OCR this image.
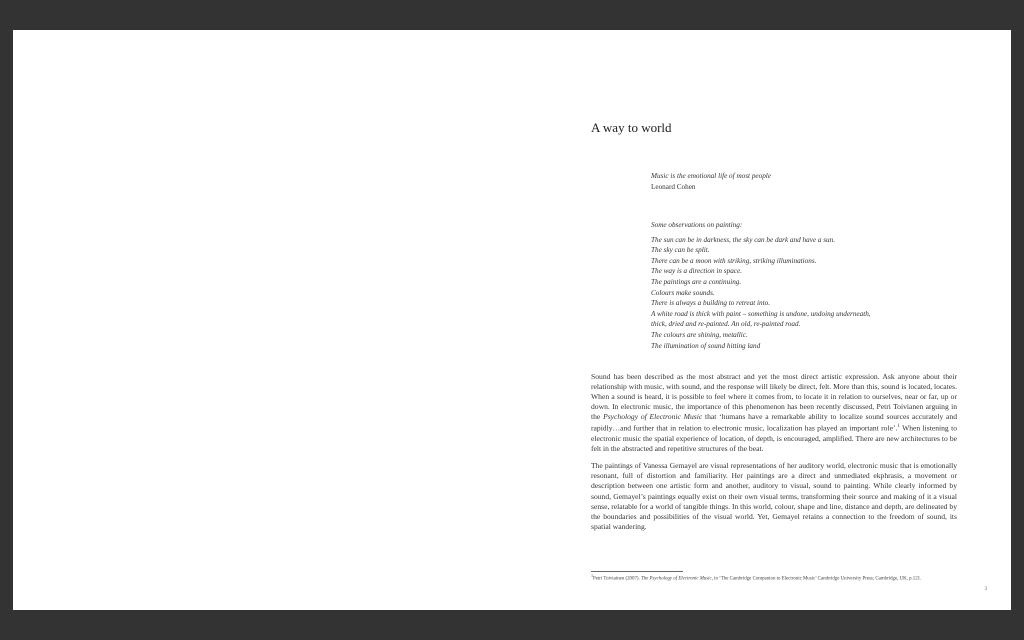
A way to world
Music is the emotional life of most people
Leonard Cohen
Some observations on painting:
The sun can be in darkness, the sky can be dark and have a sun.
The sky can be split.
There can be a moon with striking, striking illuminations.
The way is a direction in space.
The paintings are a continuing.
Colours make sounds.
There is always a building to retreat into.
A white road is thick with paint – something is undone, undoing underneath,
thick, dried and re-painted. An old, re-painted road.
The colours are shining, metallic.
The illumination of sound hitting land

Sound has been described as the most abstract and yet the most direct artistic expression. Ask anyone about their relationship with music, with sound, and the response will likely be direct, felt. More than this, sound is located, locates. When a sound is heard, it is possible to feel where it comes from, to locate it in relation to ourselves, near or far, up or down. In electronic music, the importance of this phenomenon has been recently discussed, Petri Toivianen arguing in the Psychology of Electronic Music that ‘humans have a remarkable ability to localize sound sources accurately and rapidly…and further that in relation to electronic music, localization has played an important role’.$^1$ When listening to electronic music the spatial experience of location, of depth, is encouraged, amplified. There are new architectures to be felt in the abstracted and repetitive structures of the beat.

The paintings of Vanessa Gemayel are visual representations of her auditory world, electronic music that is emotionally resonant, full of distortion and familiarity. Her paintings are a direct and unmediated ekphrasis, a movement or description between one artistic form and another, auditory to visual, sound to painting. While clearly informed by sound, Gemayel’s paintings equally exist on their own visual terms, transforming their source and making of it a visual sense, relatable for a world of tangible things. In this world, colour, shape and line, distance and depth, are delineated by the boundaries and possibilities of the visual world. Yet, Gemayel retains a connection to the freedom of sound, its spatial wandering.

$^1$Petri Toiviainen (2007). The Psychology of Electronic Music, in ‘The Cambridge Companion to Electronic Music’ Cambridge University Press; Cambridge, UK, p.121.
3
